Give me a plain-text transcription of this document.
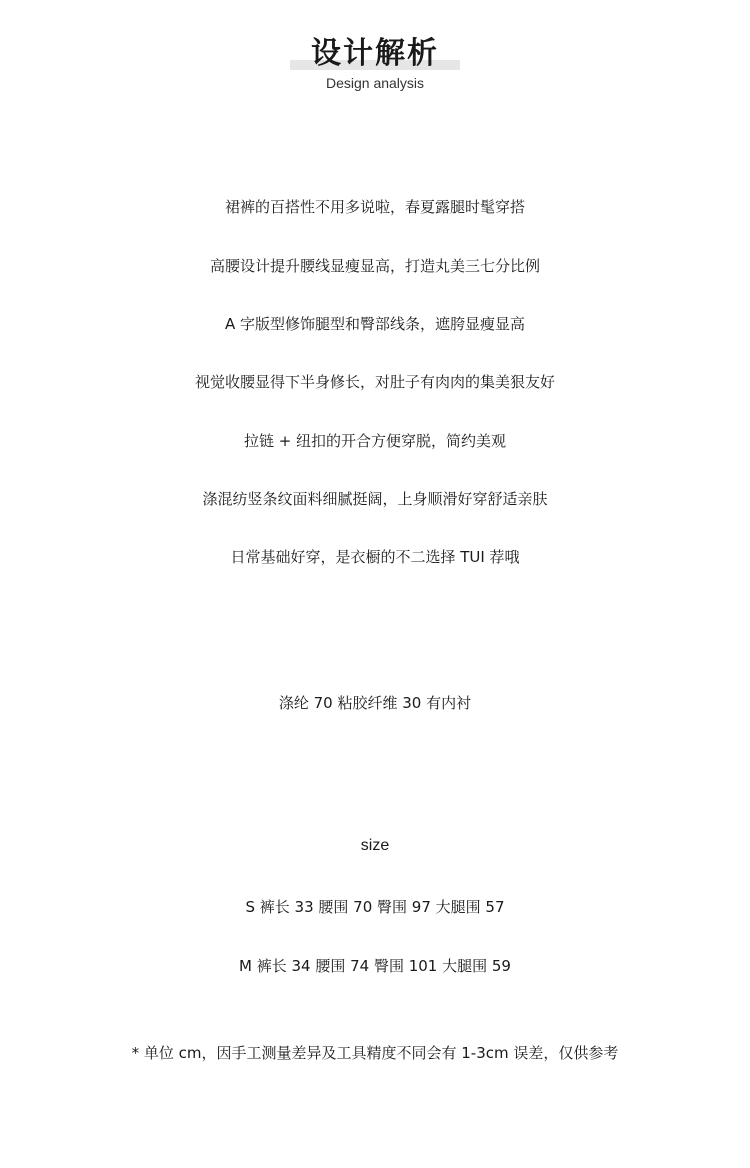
设计解析
Design analysis
裙裤的百搭性不用多说啦，春夏露腿时髦穿搭
高腰设计提升腰线显瘦显高，打造丸美三七分比例
A 字版型修饰腿型和臀部线条，遮胯显瘦显高
视觉收腰显得下半身修长，对肚子有肉肉的集美狠友好
拉链 + 纽扣的开合方便穿脱，简约美观
涤混纺竖条纹面料细腻挺阔，上身顺滑好穿舒适亲肤
日常基础好穿，是衣橱的不二选择 TUI 荐哦
涤纶 70 粘胶纤维 30 有内衬
size
S 裤长 33 腰围 70 臀围 97 大腿围 57
M 裤长 34 腰围 74 臀围 101 大腿围 59
* 单位 cm，因手工测量差异及工具精度不同会有 1-3cm 误差，仅供参考
